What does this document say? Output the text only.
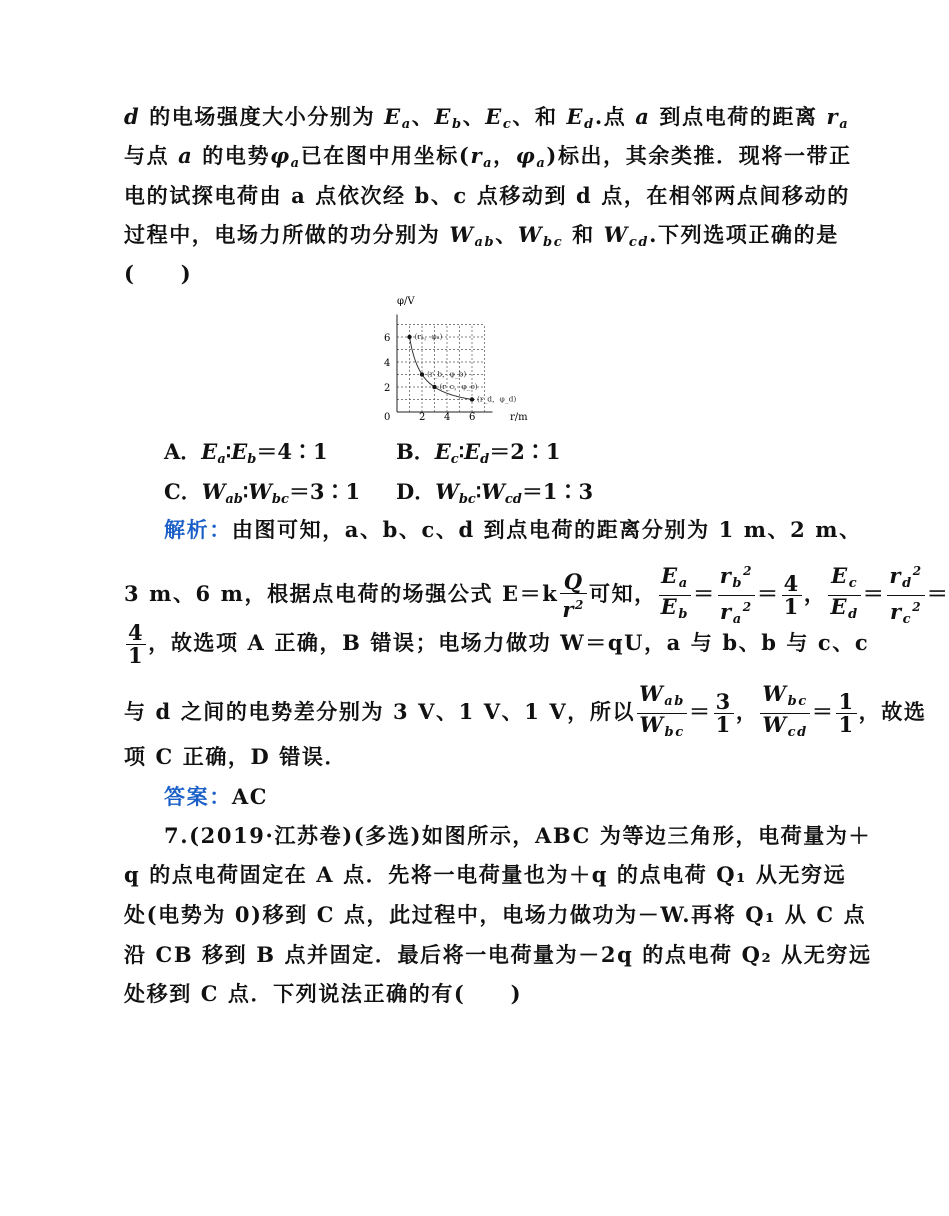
d 的电场强度大小分别为 $E_a$、$E_b$、$E_c$、和 $E_d$.点 a 到点电荷的距离 $r_a$
与点 a 的电势$\varphi_a$已在图中用坐标($r_a$，$\varphi_a$)标出，其余类推．现将一带正
电的试探电荷由 a 点依次经 b、c 点移动到 d 点，在相邻两点间移动的
过程中，电场力所做的功分别为 $W_{ab}$、$W_{bc}$ 和 $W_{cd}$.下列选项正确的是
(　　)
φ/V
r/m
0	2 4 6
2
4
6	(rₐ，φₐ)
(r_b，φ_b)
(r_c，φ_c)
(r_d，φ_d)
A．$E_a∶E_b=4∶1$	B．$E_c∶E_d=2∶1$
C．$W_{ab}∶W_{bc}=3∶1$ D．$W_{bc}∶W_{cd}=1∶3$
解析：由图可知，a、b、c、d 到点电荷的距离分别为 1 m、2 m、
3 m、6 m，根据点电荷的场强公式 $E=k \frac{Q}{r^2}$ 可知， $\frac{E_a}{E_b} = \frac{r_b^2}{r_a^2} = \frac{4}{1}$ ， $\frac{E_c}{E_d} = \frac{r_d^2}{r_c^2}$ ＝
$\frac{4}{1}$ ，故选项 A 正确，B 错误；电场力做功 W＝qU，a 与 b、b 与 c、c
与 d 之间的电势差分别为 3 V、1 V、1 V，所以 $\frac{W_{ab}}{W_{bc}} = \frac{3}{1}$ ， $\frac{W_{bc}}{W_{cd}} = \frac{1}{1}$ ，故选
项 C 正确，D 错误．
答案：AC
7.(2019·江苏卷)(多选)如图所示，ABC 为等边三角形，电荷量为＋
q 的点电荷固定在 A 点．先将一电荷量也为＋q 的点电荷 Q₁ 从无穷远
处(电势为 0)移到 C 点，此过程中，电场力做功为－W.再将 Q₁ 从 C 点
沿 CB 移到 B 点并固定．最后将一电荷量为－2q 的点电荷 Q₂ 从无穷远
处移到 C 点．下列说法正确的有(　　)
